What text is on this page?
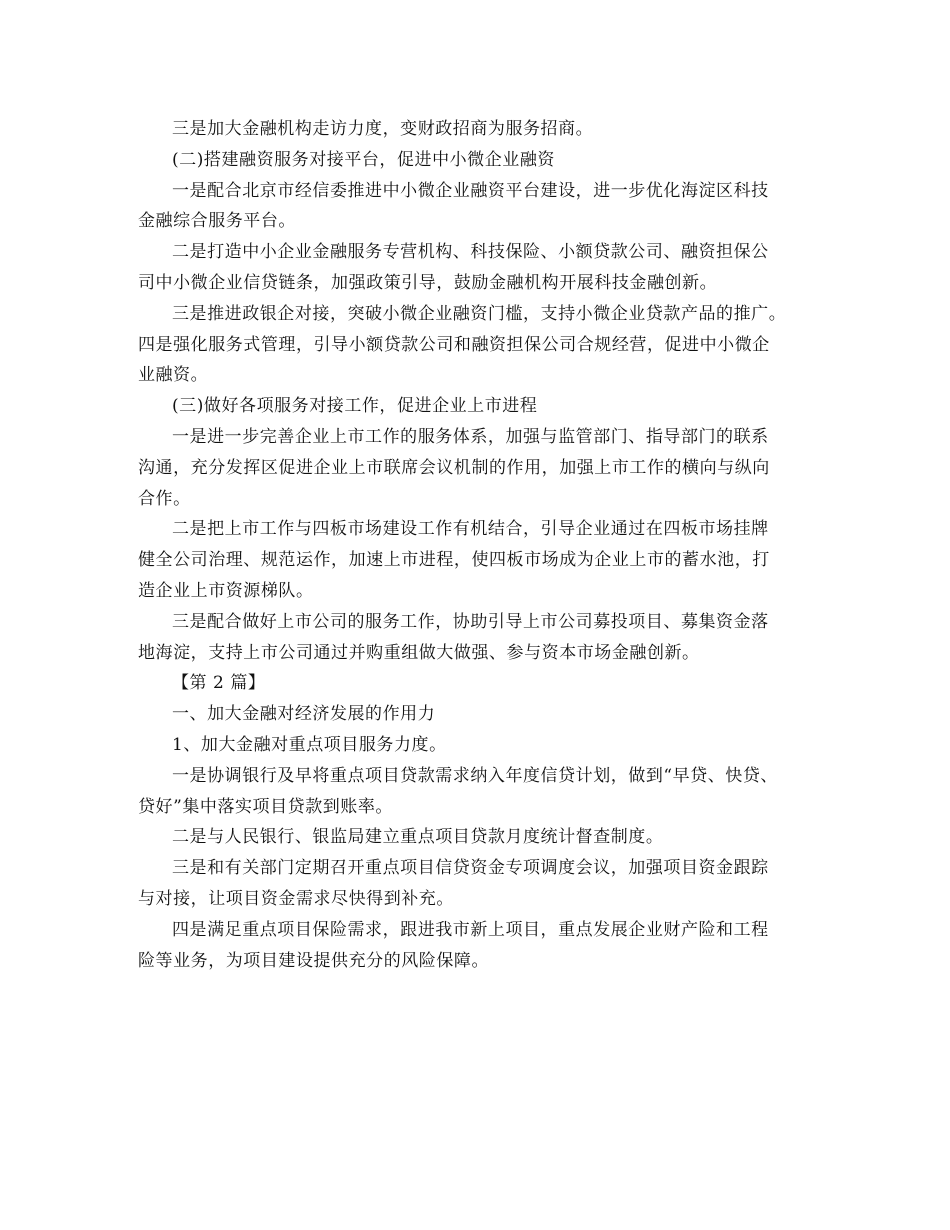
三是加大金融机构走访力度，变财政招商为服务招商。
(二)搭建融资服务对接平台，促进中小微企业融资
一是配合北京市经信委推进中小微企业融资平台建设，进一步优化海淀区科技
金融综合服务平台。
二是打造中小企业金融服务专营机构、科技保险、小额贷款公司、融资担保公
司中小微企业信贷链条，加强政策引导，鼓励金融机构开展科技金融创新。
三是推进政银企对接，突破小微企业融资门槛，支持小微企业贷款产品的推广。
四是强化服务式管理，引导小额贷款公司和融资担保公司合规经营，促进中小微企
业融资。
(三)做好各项服务对接工作，促进企业上市进程
一是进一步完善企业上市工作的服务体系，加强与监管部门、指导部门的联系
沟通，充分发挥区促进企业上市联席会议机制的作用，加强上市工作的横向与纵向
合作。
二是把上市工作与四板市场建设工作有机结合，引导企业通过在四板市场挂牌
健全公司治理、规范运作，加速上市进程，使四板市场成为企业上市的蓄水池，打
造企业上市资源梯队。
三是配合做好上市公司的服务工作，协助引导上市公司募投项目、募集资金落
地海淀，支持上市公司通过并购重组做大做强、参与资本市场金融创新。
【第 2 篇】
一、加大金融对经济发展的作用力
1、加大金融对重点项目服务力度。
一是协调银行及早将重点项目贷款需求纳入年度信贷计划，做到“早贷、快贷、
贷好”集中落实项目贷款到账率。
二是与人民银行、银监局建立重点项目贷款月度统计督查制度。
三是和有关部门定期召开重点项目信贷资金专项调度会议，加强项目资金跟踪
与对接，让项目资金需求尽快得到补充。
四是满足重点项目保险需求，跟进我市新上项目，重点发展企业财产险和工程
险等业务，为项目建设提供充分的风险保障。
